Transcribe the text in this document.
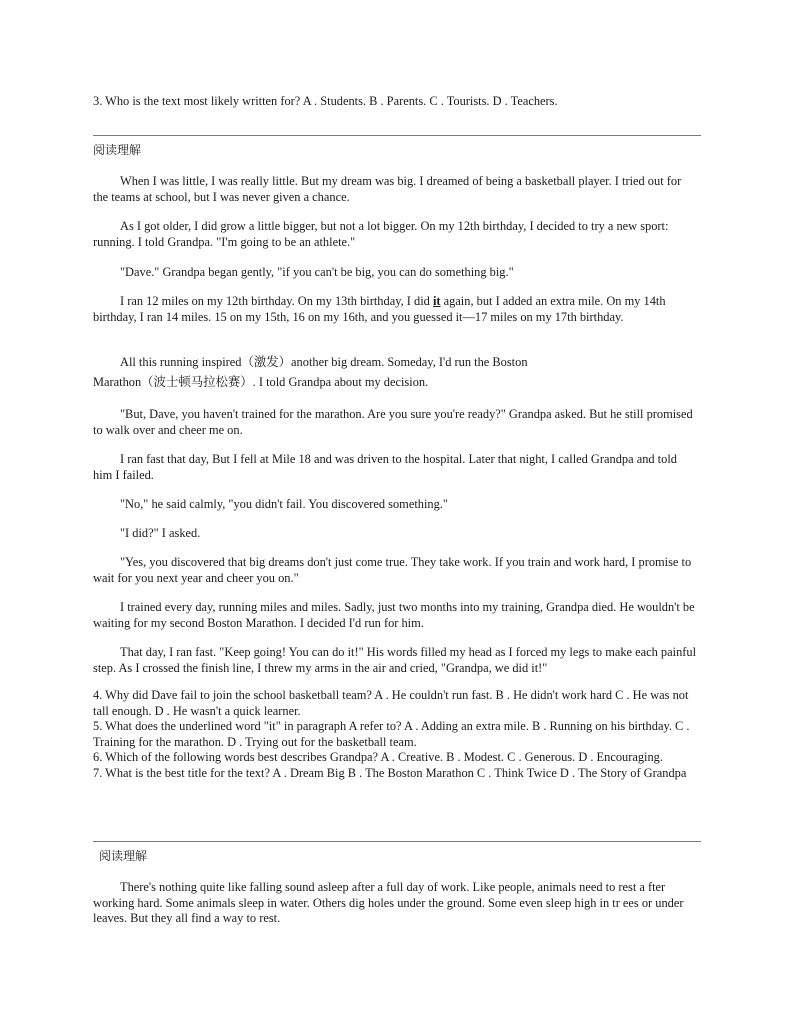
3. Who is the text most likely written for? A . Students. B . Parents. C . Tourists. D . Teachers.

阅读理解

When I was little, I was really little. But my dream was big. I dreamed of being a basketball player. I tried out for the teams at school, but I was never given a chance.

As I got older, I did grow a little bigger, but not a lot bigger. On my 12th birthday, I decided to try a new sport: running. I told Grandpa. "I'm going to be an athlete."

"Dave." Grandpa began gently, "if you can't be big, you can do something big."

I ran 12 miles on my 12th birthday. On my 13th birthday, I did it again, but I added an extra mile. On my 14th birthday, I ran 14 miles. 15 on my 15th, 16 on my 16th, and you guessed it—17 miles on my 17th birthday.

All this running inspired（激发）another big dream. Someday, I'd run the Boston

Marathon（波士顿马拉松赛）. I told Grandpa about my decision.

"But, Dave, you haven't trained for the marathon. Are you sure you're ready?" Grandpa asked. But he still promised to walk over and cheer me on.

I ran fast that day, But I fell at Mile 18 and was driven to the hospital. Later that night, I called Grandpa and told him I failed.

"No," he said calmly, "you didn't fail. You discovered something."

"I did?" I asked.

"Yes, you discovered that big dreams don't just come true. They take work. If you train and work hard, I promise to wait for you next year and cheer you on."

I trained every day, running miles and miles. Sadly, just two months into my training, Grandpa died. He wouldn't be waiting for my second Boston Marathon. I decided I'd run for him.

That day, I ran fast. "Keep going! You can do it!" His words filled my head as I forced my legs to make each painful step. As I crossed the finish line, I threw my arms in the air and cried, "Grandpa, we did it!"

4. Why did Dave fail to join the school basketball team? A . He couldn't run fast. B . He didn't work hard C . He was not tall enough. D . He wasn't a quick learner.

5. What does the underlined word "it" in paragraph A refer to? A . Adding an extra mile. B . Running on his birthday. C . Training for the marathon. D . Trying out for the basketball team.

6. Which of the following words best describes Grandpa? A . Creative. B . Modest. C . Generous. D . Encouraging.

7. What is the best title for the text? A . Dream Big B . The Boston Marathon C . Think Twice D . The Story of Grandpa

阅读理解

There's nothing quite like falling sound asleep after a full day of work. Like people, animals need to rest a fter working hard. Some animals sleep in water. Others dig holes under the ground. Some even sleep high in tr ees or under leaves. But they all find a way to rest.
